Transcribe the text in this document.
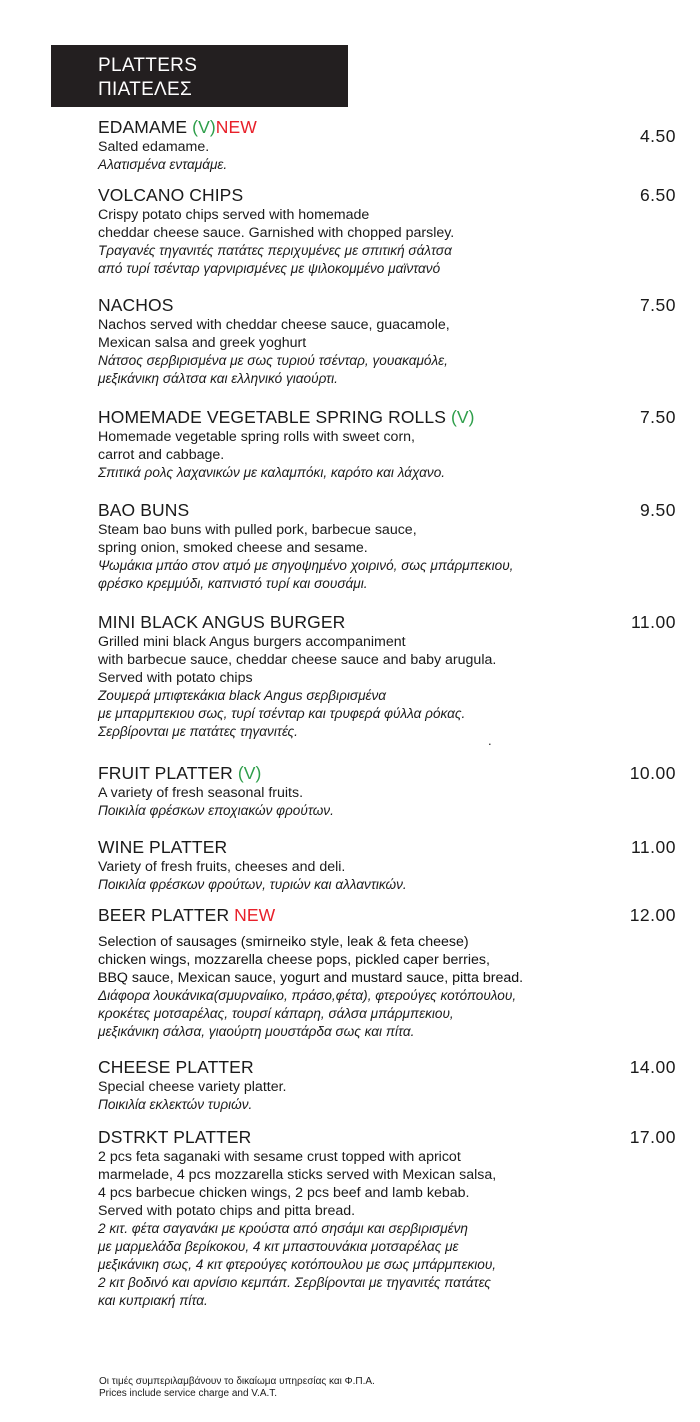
PLATTERS
ΠΙΑΤΕΛΕΣ
EDAMAME (V)NEW
Salted edamame.
Αλατισμένα ενταμάμε.
4.50
VOLCANO CHIPS
Crispy potato chips served with homemade
cheddar cheese sauce. Garnished with chopped parsley.
Τραγανές τηγανιτές πατάτες περιχυμένες με σπιτική σάλτσα
από τυρί τσένταρ γαρνιρισμένες με ψιλοκομμένο μαϊντανό
6.50
NACHOS
Nachos served with cheddar cheese sauce, guacamole,
Mexican salsa and greek yoghurt
Νάτσος σερβιρισμένα με σως τυριού τσένταρ, γουακαμόλε,
μεξικάνικη σάλτσα και ελληνικό γιαούρτι.
7.50
HOMEMADE VEGETABLE SPRING ROLLS (V)
Homemade vegetable spring rolls with sweet corn,
carrot and cabbage.
Σπιτικά ρολς λαχανικών με καλαμπόκι, καρότο και λάχανο.
7.50
BAO BUNS
Steam bao buns with pulled pork, barbecue sauce,
spring onion, smoked cheese and sesame.
Ψωμάκια μπάο στον ατμό με σηγοψημένο χοιρινό, σως μπάρμπεκιου,
φρέσκο κρεμμύδι, καπνιστό τυρί και σουσάμι.
9.50
MINI BLACK ANGUS BURGER
Grilled mini black Angus burgers accompaniment
with barbecue sauce, cheddar cheese sauce and baby arugula.
Served with potato chips
Ζουμερά μπιφτεκάκια black Angus σερβιρισμένα
με μπαρμπεκιου σως, τυρί τσένταρ και τρυφερά φύλλα ρόκας.
Σερβίρονται με πατάτες τηγανιτές.
11.00
FRUIT PLATTER (V)
A variety of fresh seasonal fruits.
Ποικιλία φρέσκων εποχιακών φρούτων.
10.00
WINE PLATTER
Variety of fresh fruits, cheeses and deli.
Ποικιλία φρέσκων φρούτων, τυριών και αλλαντικών.
11.00
BEER PLATTER NEW
Selection of sausages (smirneiko style, leak & feta cheese)
chicken wings, mozzarella cheese pops, pickled caper berries,
BBQ sauce, Mexican sauce, yogurt and mustard sauce, pitta bread.
Διάφορα λουκάνικα(σμυρναίικο, πράσο,φέτα), φτερούγες κοτόπουλου,
κροκέτες μοτσαρέλας, τουρσί κάπαρη, σάλσα μπάρμπεκιου,
μεξικάνικη σάλσα, γιαούρτη μουστάρδα σως και πίτα.
12.00
CHEESE PLATTER
Special cheese variety platter.
Ποικιλία εκλεκτών τυριών.
14.00
DSTRKT PLATTER
2 pcs feta saganaki with sesame crust topped with apricot
marmelade, 4 pcs mozzarella sticks served with Mexican salsa,
4 pcs barbecue chicken wings, 2 pcs beef and lamb kebab.
Served with potato chips and pitta bread.
2 κιτ. φέτα σαγανάκι με κρούστα από σησάμι και σερβιρισμένη
με μαρμελάδα βερίκοκου, 4 κιτ μπαστουνάκια μοτσαρέλας με
μεξικάνικη σως, 4 κιτ φτερούγες κοτόπουλου με σως μπάρμπεκιου,
2 κιτ βοδινό και αρνίσιο κεμπάπ. Σερβίρονται με τηγανιτές πατάτες
και κυπριακή πίτα.
17.00
.
Οι τιμές συμπεριλαμβάνουν το δικαίωμα υπηρεσίας και Φ.Π.Α.
Prices include service charge and V.A.T.
